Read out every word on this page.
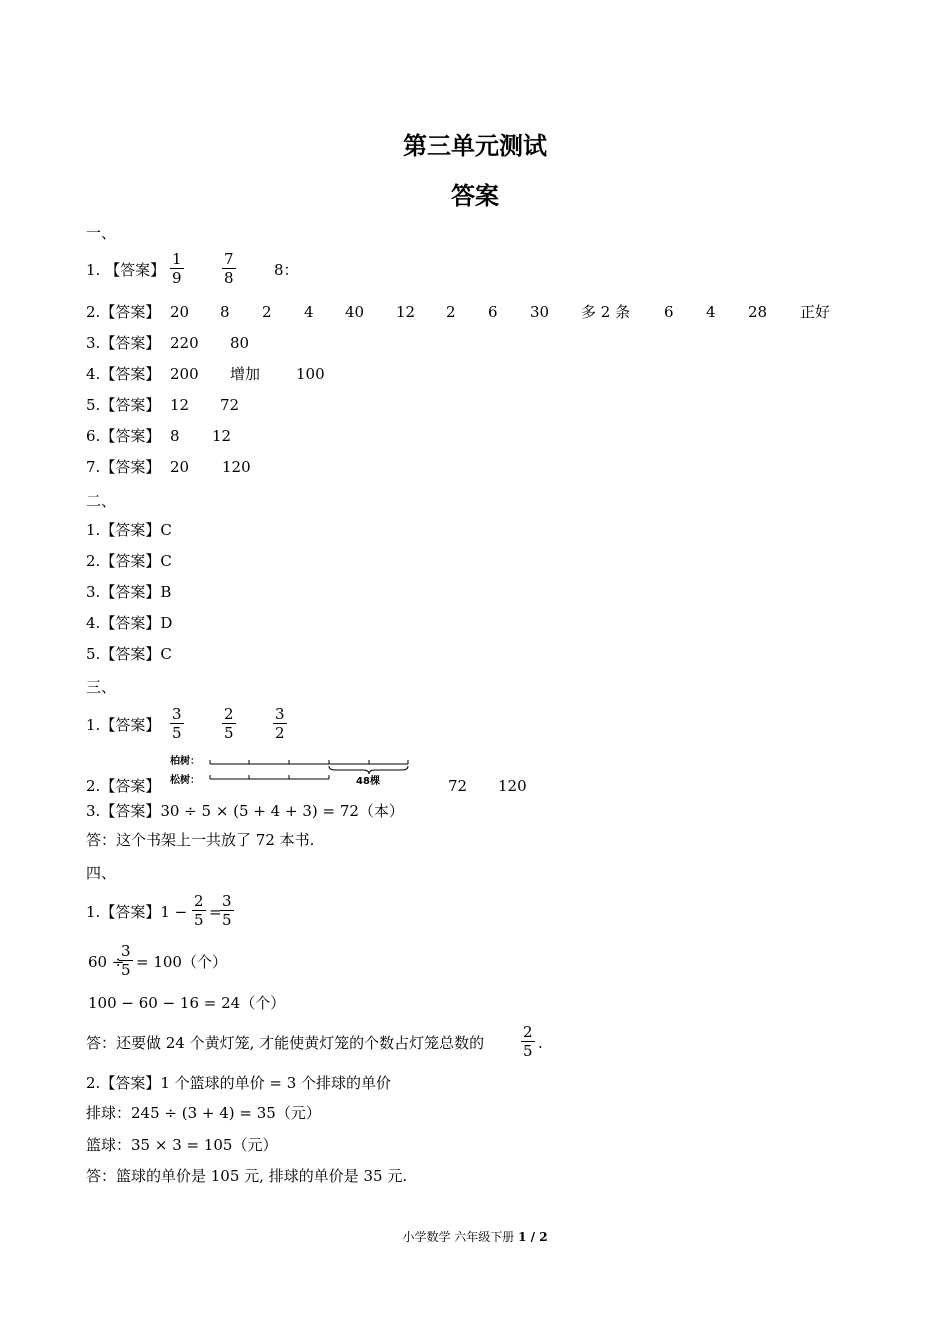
第三单元测试
答案
一、
1. 【答案】 $\frac{1}{9}$	$\frac{7}{8}$	8：
2.【答案】 20 8 2 4 40 12 2 6 30 多 2 条 6 4 28 正好
3.【答案】 220 80
4.【答案】 200 增加 100
5.【答案】 12 72
6.【答案】 8 12
7.【答案】 20 120
二、
1.【答案】C
2.【答案】C
3.【答案】B
4.【答案】D
5.【答案】C
三、
1.【答案】 $\frac{3}{5}$	$\frac{2}{5} \frac{3}{2}$
2.【答案】
柏树：
松树：	48棵	72 120
3.【答案】30 ÷ 5 × (5 + 4 + 3) = 72（本）
答：这个书架上一共放了 72 本书.
四、
1.【答案】$1 - \frac{2}{5}$ =
$\frac{3}{5}$
60 ÷
$\frac{3}{5} = 100$（个）
100 − 60 − 16 = 24（个）
答：还要做 24 个黄灯笼, 才能使黄灯笼的个数占灯笼总数的 $\frac{2}{5}$ .
2.【答案】1 个篮球的单价 = 3 个排球的单价
排球：245 ÷ (3 + 4) = 35（元）
篮球：35 × 3 = 105（元）
答：篮球的单价是 105 元, 排球的单价是 35 元.
小学数学 六年级下册 1 / 2
